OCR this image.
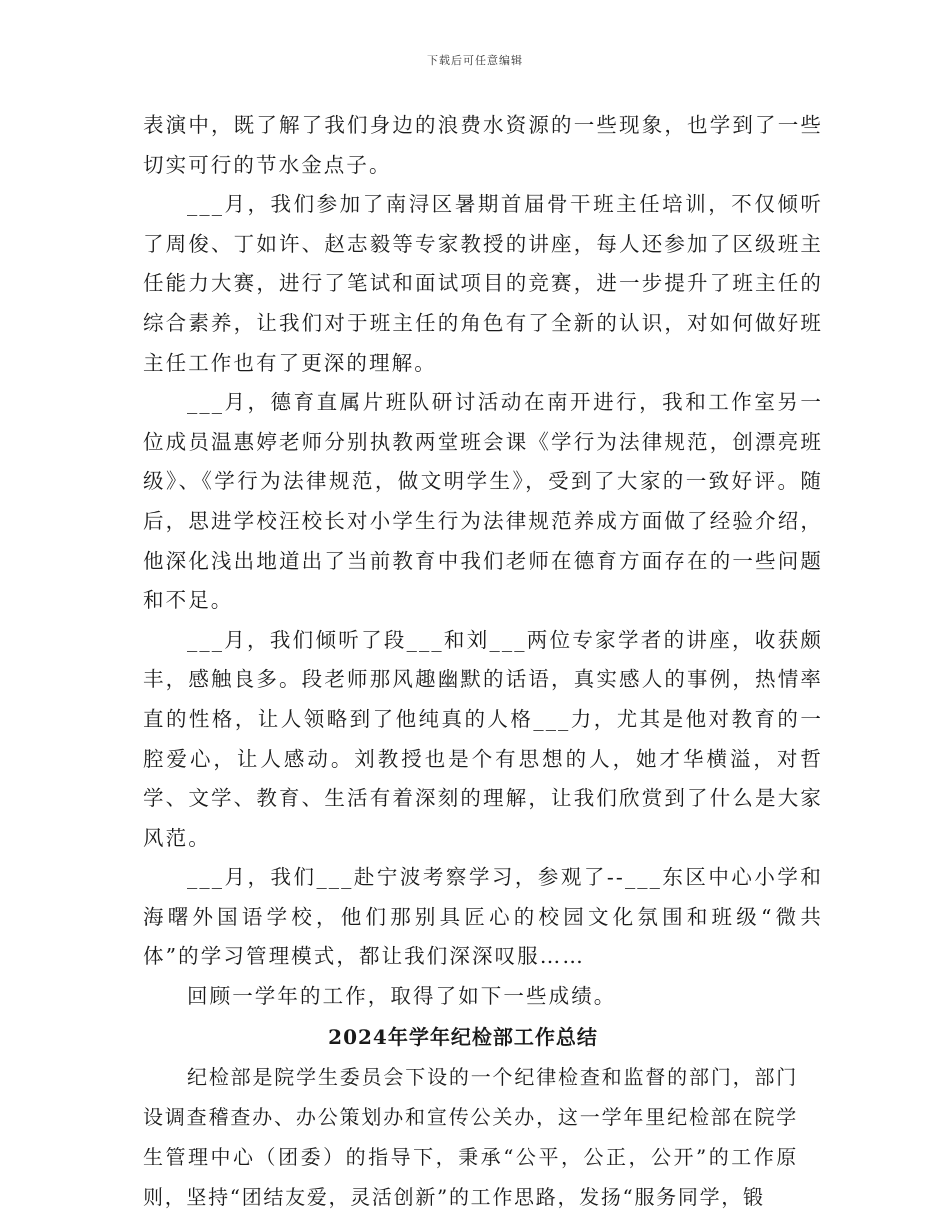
下载后可任意编辑

表演中，既了解了我们身边的浪费水资源的一些现象，也学到了一些切实可行的节水金点子。

___月，我们参加了南浔区暑期首届骨干班主任培训，不仅倾听了周俊、丁如许、赵志毅等专家教授的讲座，每人还参加了区级班主任能力大赛，进行了笔试和面试项目的竞赛，进一步提升了班主任的综合素养，让我们对于班主任的角色有了全新的认识，对如何做好班主任工作也有了更深的理解。

___月，德育直属片班队研讨活动在南开进行，我和工作室另一位成员温惠婷老师分别执教两堂班会课《学行为法律规范，创漂亮班级》、《学行为法律规范，做文明学生》，受到了大家的一致好评。随后，思进学校汪校长对小学生行为法律规范养成方面做了经验介绍，他深化浅出地道出了当前教育中我们老师在德育方面存在的一些问题和不足。

___月，我们倾听了段___和刘___两位专家学者的讲座，收获颇丰，感触良多。段老师那风趣幽默的话语，真实感人的事例，热情率直的性格，让人领略到了他纯真的人格___力，尤其是他对教育的一腔爱心，让人感动。刘教授也是个有思想的人，她才华横溢，对哲学、文学、教育、生活有着深刻的理解，让我们欣赏到了什么是大家风范。

___月，我们___赴宁波考察学习，参观了--___东区中心小学和海曙外国语学校，他们那别具匠心的校园文化氛围和班级“微共体”的学习管理模式，都让我们深深叹服……

回顾一学年的工作，取得了如下一些成绩。

2024年学年纪检部工作总结

纪检部是院学生委员会下设的一个纪律检查和监督的部门，部门设调查稽查办、办公策划办和宣传公关办，这一学年里纪检部在院学生管理中心（团委）的指导下，秉承“公平，公正，公开”的工作原则，坚持“团结友爱，灵活创新”的工作思路，发扬“服务同学，锻
